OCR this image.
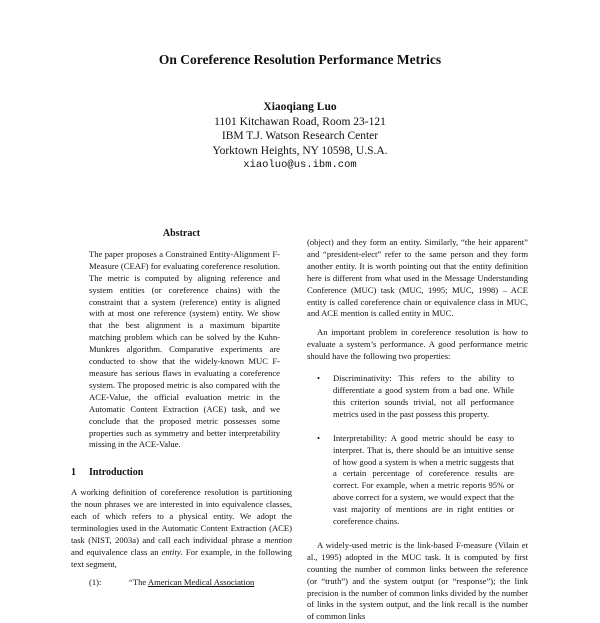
On Coreference Resolution Performance Metrics
Xiaoqiang Luo
1101 Kitchawan Road, Room 23-121
IBM T.J. Watson Research Center
Yorktown Heights, NY 10598, U.S.A.
xiaoluo@us.ibm.com
Abstract

The paper proposes a Constrained Entity-Alignment F-Measure (CEAF) for evaluating coreference resolution. The metric is computed by aligning reference and system entities (or coreference chains) with the constraint that a system (reference) entity is aligned with at most one reference (system) entity. We show that the best alignment is a maximum bipartite matching problem which can be solved by the Kuhn-Munkres algorithm. Comparative experiments are conducted to show that the widely-known MUC F-measure has serious flaws in evaluating a coreference system. The proposed metric is also compared with the ACE-Value, the official evaluation metric in the Automatic Content Extraction (ACE) task, and we conclude that the proposed metric possesses some properties such as symmetry and better interpretability missing in the ACE-Value.

1 Introduction

A working definition of coreference resolution is partitioning the noun phrases we are interested in into equivalence classes, each of which refers to a physical entity. We adopt the terminologies used in the Automatic Content Extraction (ACE) task (NIST, 2003a) and call each individual phrase a mention and equivalence class an entity. For example, in the following text segment,

(1):	“The American Medical Association

(object) and they form an entity. Similarly, “the heir apparent” and “president-elect” refer to the same person and they form another entity. It is worth pointing out that the entity definition here is different from what used in the Message Understanding Conference (MUC) task (MUC, 1995; MUC, 1998) – ACE entity is called coreference chain or equivalence class in MUC, and ACE mention is called entity in MUC.

An important problem in coreference resolution is how to evaluate a system’s performance. A good performance metric should have the following two properties:

• Discriminativity: This refers to the ability to differentiate a good system from a bad one. While this criterion sounds trivial, not all performance metrics used in the past possess this property.
• Interpretability: A good metric should be easy to interpret. That is, there should be an intuitive sense of how good a system is when a metric suggests that a certain percentage of coreference results are correct. For example, when a metric reports 95% or above correct for a system, we would expect that the vast majority of mentions are in right entities or coreference chains.

A widely-used metric is the link-based F-measure (Vilain et al., 1995) adopted in the MUC task. It is computed by first counting the number of common links between the reference (or “truth”) and the system output (or “response”); the link precision is the number of common links divided by the number of links in the system output, and the link recall is the number of common links
